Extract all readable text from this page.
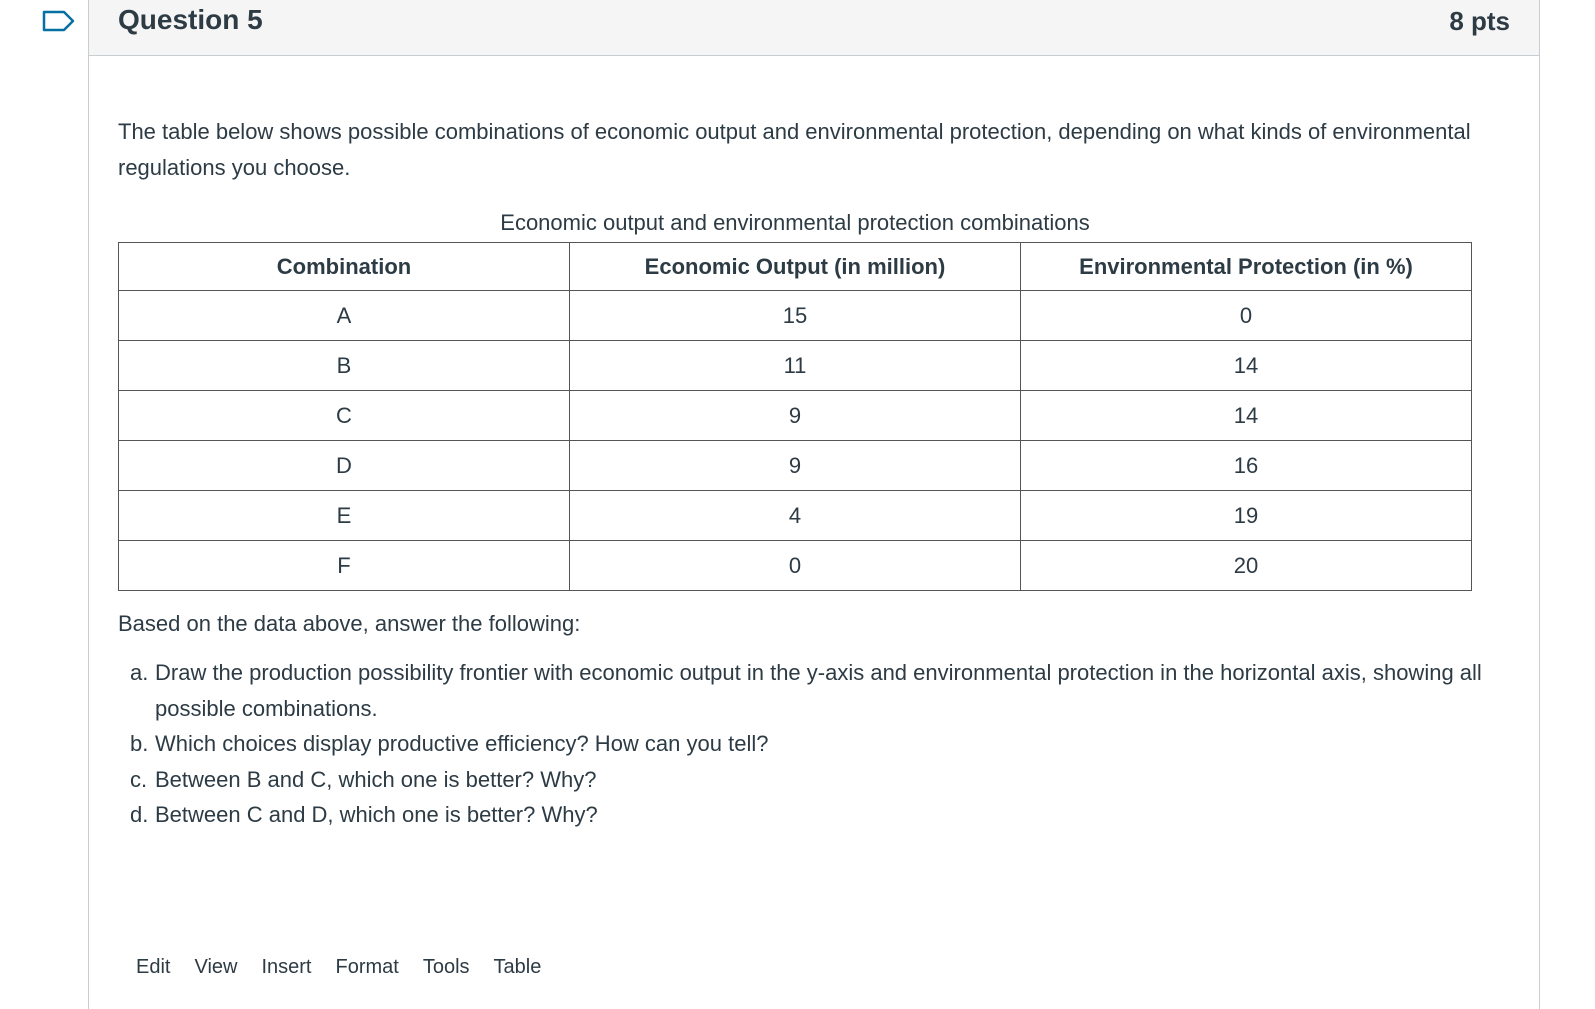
Question 5	8 pts

The table below shows possible combinations of economic output and environmental protection, depending on what kinds of environmental regulations you choose.

Economic output and environmental protection combinations
Combination	Economic Output (in million)	Environmental Protection (in %)
A	15	0
B	11	14
C	9	14
D	9	16
E	4	19
F	0	20
Based on the data above, answer the following:
a. Draw the production possibility frontier with economic output in the y-axis and environmental protection in the horizontal axis, showing all possible combinations.
b. Which choices display productive efficiency? How can you tell?
c. Between B and C, which one is better? Why?
d. Between C and D, which one is better? Why?
Edit View Insert Format Tools Table
